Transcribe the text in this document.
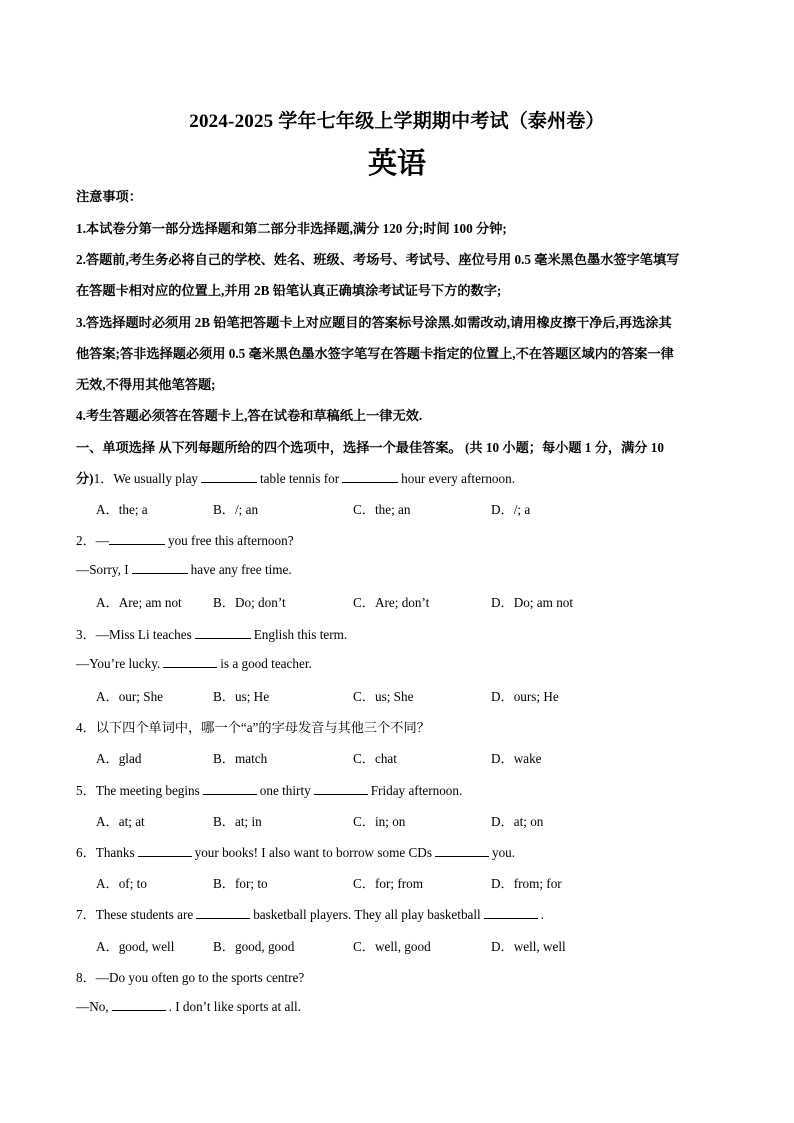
2024-2025 学年七年级上学期期中考试（泰州卷）
英语
注意事项：
1.本试卷分第一部分选择题和第二部分非选择题,满分 120 分;时间 100 分钟;
2.答题前,考生务必将自己的学校、姓名、班级、考场号、考试号、座位号用 0.5 毫米黑色墨水签字笔填写
在答题卡相对应的位置上,并用 2B 铅笔认真正确填涂考试证号下方的数字;
3.答选择题时必须用 2B 铅笔把答题卡上对应题目的答案标号涂黑.如需改动,请用橡皮擦干净后,再选涂其
他答案;答非选择题必须用 0.5 毫米黑色墨水签字笔写在答题卡指定的位置上,不在答题区域内的答案一律
无效,不得用其他笔答题;
4.考生答题必须答在答题卡上,答在试卷和草稿纸上一律无效.
一、单项选择 从下列每题所给的四个选项中，选择一个最佳答案。 (共 10 小题；每小题 1 分，满分 10
分)1．We usually play	table tennis for	hour every afternoon.
A．the; a	B．/; an	C．the; an	D．/; a
2．—	you free this afternoon?
—Sorry, I	have any free time.
A．Are; am not B．Do; don’t	C．Are; don’t	D．Do; am not
3．—Miss Li teaches	English this term.
—You’re lucky.	is a good teacher.
A．our; She	B．us; He	C．us; She	D．ours; He
4．以下四个单词中，哪一个“a”的字母发音与其他三个不同？
A．glad	B．match	C．chat	D．wake
5．The meeting begins	one thirty	Friday afternoon.
A．at; at	B．at; in	C．in; on	D．at; on
6．Thanks	your books! I also want to borrow some CDs	you.
A．of; to	B．for; to	C．for; from	D．from; for
7．These students are	basketball players. They all play basketball	.
A．good, well	B．good, good	C．well, good	D．well, well
8．—Do you often go to the sports centre?
—No,	. I don’t like sports at all.
